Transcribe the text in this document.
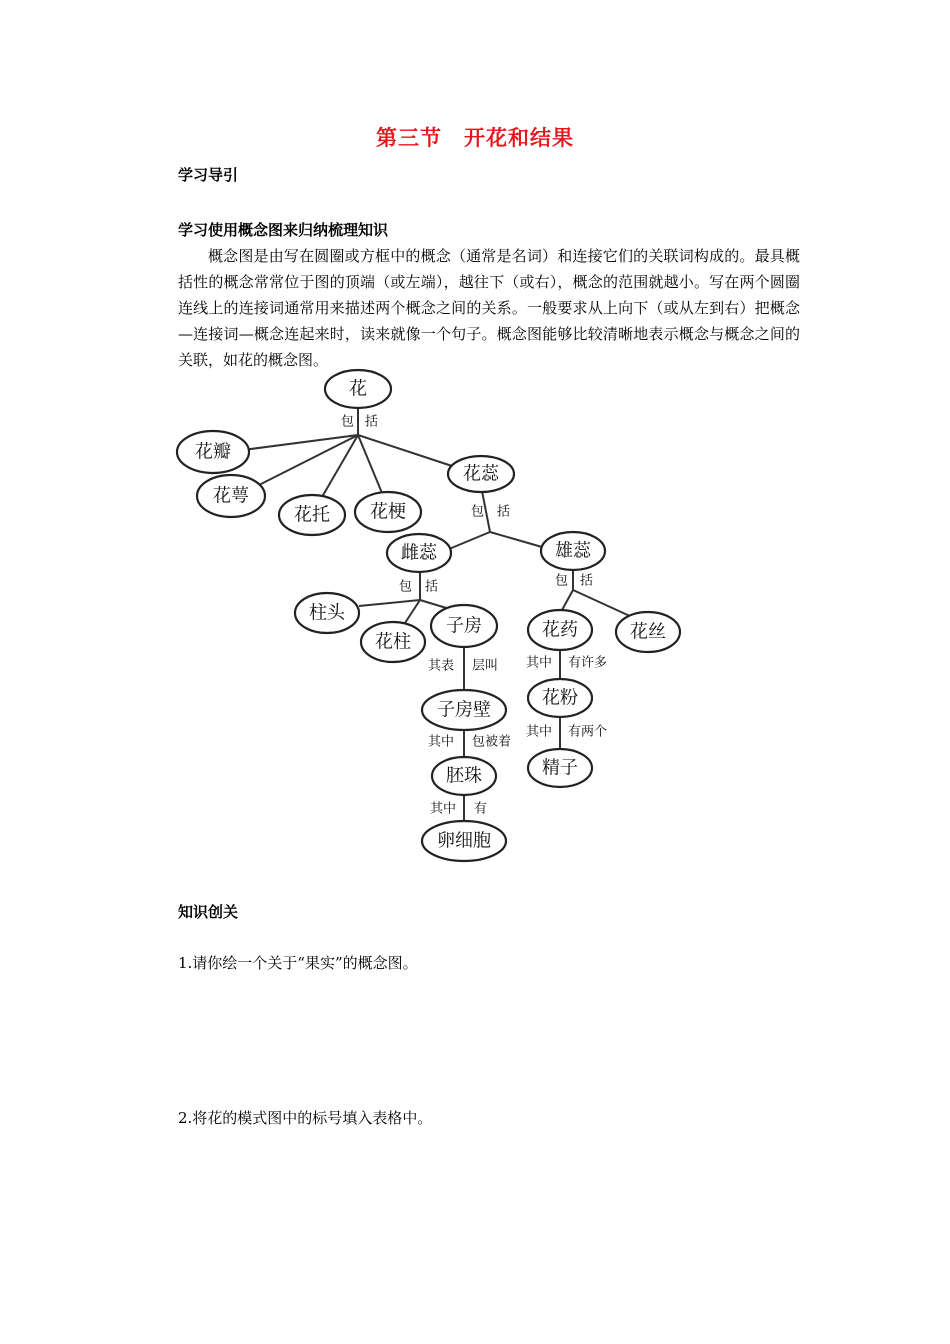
第三节　开花和结果
学习导引
学习使用概念图来归纳梳理知识
概念图是由写在圆圈或方框中的概念（通常是名词）和连接它们的关联词构成的。最具概括性的概念常常位于图的顶端（或左端），越往下（或右），概念的范围就越小。写在两个圆圈连线上的连接词通常用来描述两个概念之间的关系。一般要求从上向下（或从左到右）把概念—连接词—概念连起来时，读来就像一个句子。概念图能够比较清晰地表示概念与概念之间的关联，如花的概念图。
包 括
包 括
包 括	包 括
其表 层叫
其中 包被着
其中 有
其中 有许多
其中 有两个
花
花瓣
花萼
花托 花梗
花蕊
雌蕊	雄蕊
柱头
花柱
子房	花药	花丝
子房壁
花粉
胚珠	精子
卵细胞
知识创关
1.请你绘一个关于“果实”的概念图。
2.将花的模式图中的标号填入表格中。
